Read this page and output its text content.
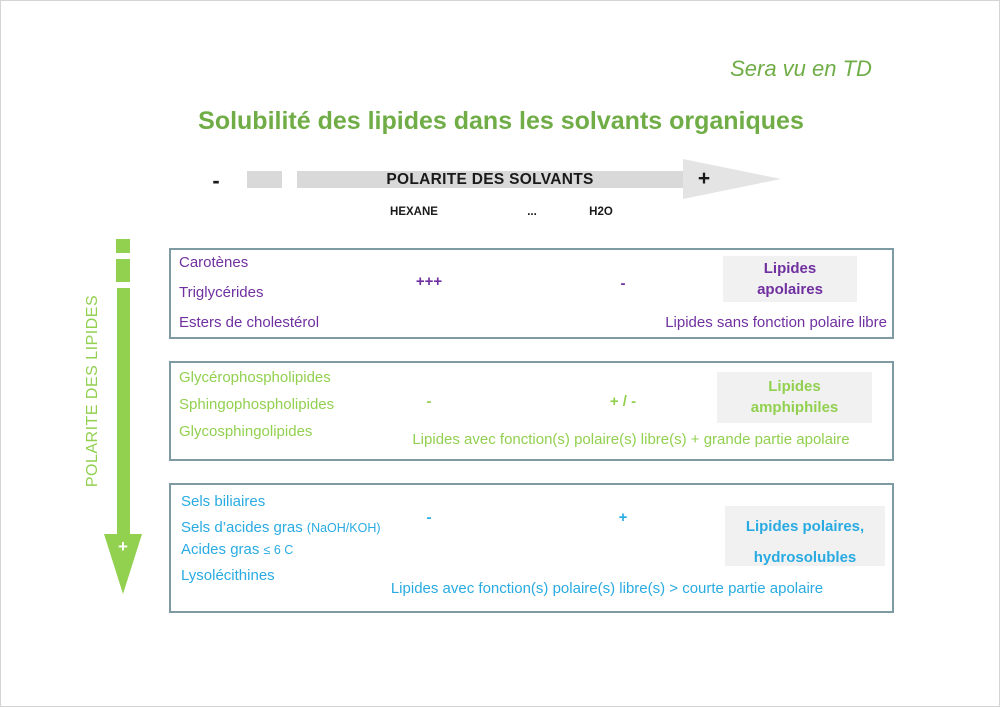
Sera vu en TD
Solubilité des lipides dans les solvants organiques
-	POLARITE DES SOLVANTS	+
HEXANE	...	H2O
POLARITE DES LIPIDES
+
Carotènes
Triglycérides
Esters de cholestérol
+++	-
Lipides
apolaires
Lipides sans fonction polaire libre
Glycérophospholipides
Sphingophospholipides
Glycosphingolipides
-	+ / -
Lipides
amphiphiles
Lipides avec fonction(s) polaire(s) libre(s) + grande partie apolaire
Sels biliaires
Sels d’acides gras (NaOH/KOH)
Acides gras ≤ 6 C
Lysolécithines
-	+
Lipides polaires,
hydrosolubles
Lipides avec fonction(s) polaire(s) libre(s) > courte partie apolaire
